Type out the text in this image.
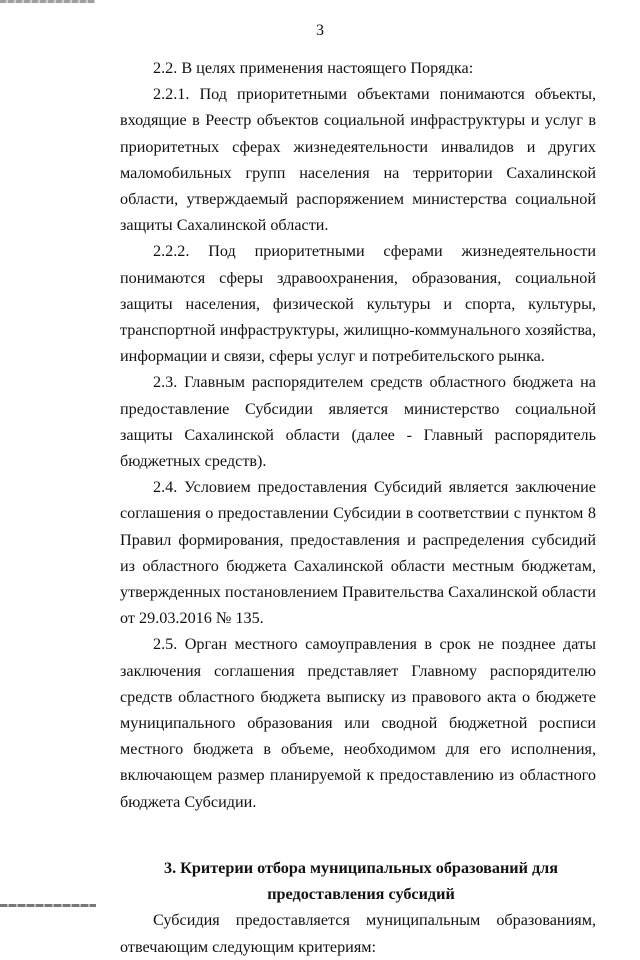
3

2.2. В целях применения настоящего Порядка:

2.2.1. Под приоритетными объектами понимаются объекты, входящие в Реестр объектов социальной инфраструктуры и услуг в приоритетных сферах жизнедеятельности инвалидов и других маломобильных групп населения на территории Сахалинской области, утверждаемый распоряжением министерства социальной защиты Сахалинской области.

2.2.2. Под приоритетными сферами жизнедеятельности понимаются сферы здравоохранения, образования, социальной защиты населения, физической культуры и спорта, культуры, транспортной инфраструктуры, жилищно-коммунального хозяйства, информации и связи, сферы услуг и потребительского рынка.

2.3. Главным распорядителем средств областного бюджета на предоставление Субсидии является министерство социальной защиты Сахалинской области (далее - Главный распорядитель бюджетных средств).

2.4. Условием предоставления Субсидий является заключение соглашения о предоставлении Субсидии в соответствии с пунктом 8 Правил формирования, предоставления и распределения субсидий из областного бюджета Сахалинской области местным бюджетам, утвержденных постановлением Правительства Сахалинской области от 29.03.2016 № 135.

2.5. Орган местного самоуправления в срок не позднее даты заключения соглашения представляет Главному распорядителю средств областного бюджета выписку из правового акта о бюджете муниципального образования или сводной бюджетной росписи местного бюджета в объеме, необходимом для его исполнения, включающем размер планируемой к предоставлению из областного бюджета Субсидии.

3. Критерии отбора муниципальных образований для предоставления субсидий

Субсидия предоставляется муниципальным образованиям, отвечающим следующим критериям:
